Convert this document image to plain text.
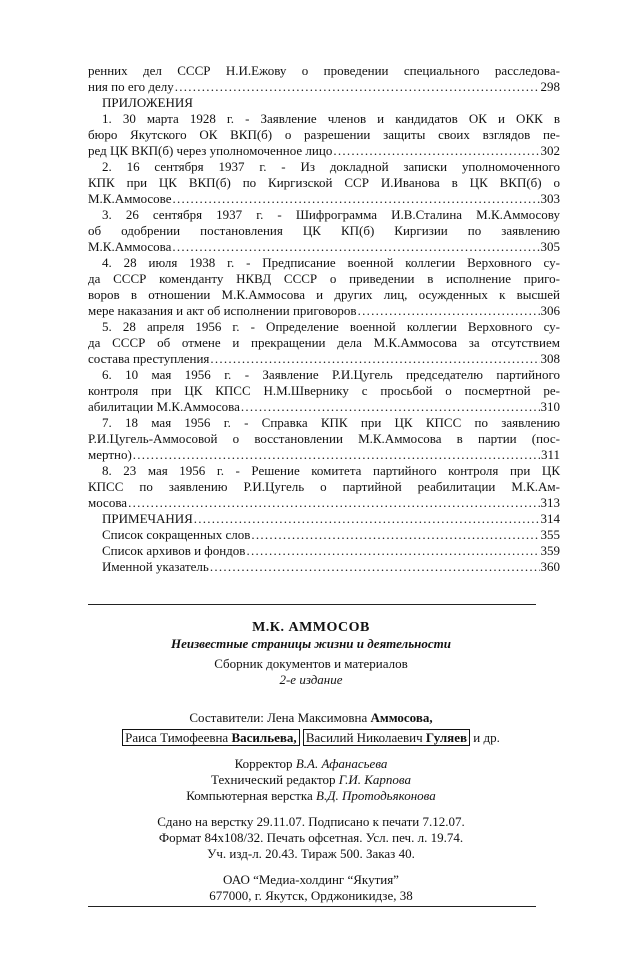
ренних дел СССР Н.И.Ежову о проведении специального расследова-

ния по его делу . . .	298

ПРИЛОЖЕНИЯ

1. 30 марта 1928 г. - Заявление членов и кандидатов ОК и ОКК в

бюро Якутского ОК ВКП(б) о разрешении защиты своих взглядов пе-

ред ЦК ВКП(б) через уполномоченное лицо . . .	302

2. 16 сентября 1937 г. - Из докладной записки уполномоченного

КПК при ЦК ВКП(б) по Киргизской ССР И.Иванова в ЦК ВКП(б) о

М.К.Аммосове . . .	303

3. 26 сентября 1937 г. - Шифрограмма И.В.Сталина М.К.Аммосову

об одобрении постановления ЦК КП(б) Киргизии по заявлению

М.К.Аммосова . . .	305

4. 28 июля 1938 г. - Предписание военной коллегии Верховного су-

да СССР коменданту НКВД СССР о приведении в исполнение приго-

воров в отношении М.К.Аммосова и других лиц, осужденных к высшей

мере наказания и акт об исполнении приговоров . . .	306

5. 28 апреля 1956 г. - Определение военной коллегии Верховного су-

да СССР об отмене и прекращении дела М.К.Аммосова за отсутствием

состава преступления . . .	308

6. 10 мая 1956 г. - Заявление Р.И.Цугель председателю партийного

контроля при ЦК КПСС Н.М.Швернику с просьбой о посмертной ре-

абилитации М.К.Аммосова . . .	310

7. 18 мая 1956 г. - Справка КПК при ЦК КПСС по заявлению

Р.И.Цугель-Аммосовой о восстановлении М.К.Аммосова в партии (пос-

мертно) . . .	311

8. 23 мая 1956 г. - Решение комитета партийного контроля при ЦК

КПСС по заявлению Р.И.Цугель о партийной реабилитации М.К.Ам-

мосова . . .	313
ПРИМЕЧАНИЯ . . .	314
Список сокращенных слов . . .	355
Список архивов и фондов . . .	359
Именной указатель . . .	360

М.К. АММОСОВ

Неизвестные страницы жизни и деятельности

Сборник документов и материалов

2-е издание

Составители: Лена Максимовна Аммосова,

Раиса Тимофеевна Васильева, Василий Николаевич Гуляев и др.

Корректор В.А. Афанасьева

Технический редактор Г.И. Карпова

Компьютерная верстка В.Д. Протодьяконова

Сдано на верстку 29.11.07. Подписано к печати 7.12.07.

Формат 84х108/32. Печать офсетная. Усл. печ. л. 19.74.

Уч. изд-л. 20.43. Тираж 500. Заказ 40.

ОАО “Медиа-холдинг “Якутия”

677000, г. Якутск, Орджоникидзе, 38
